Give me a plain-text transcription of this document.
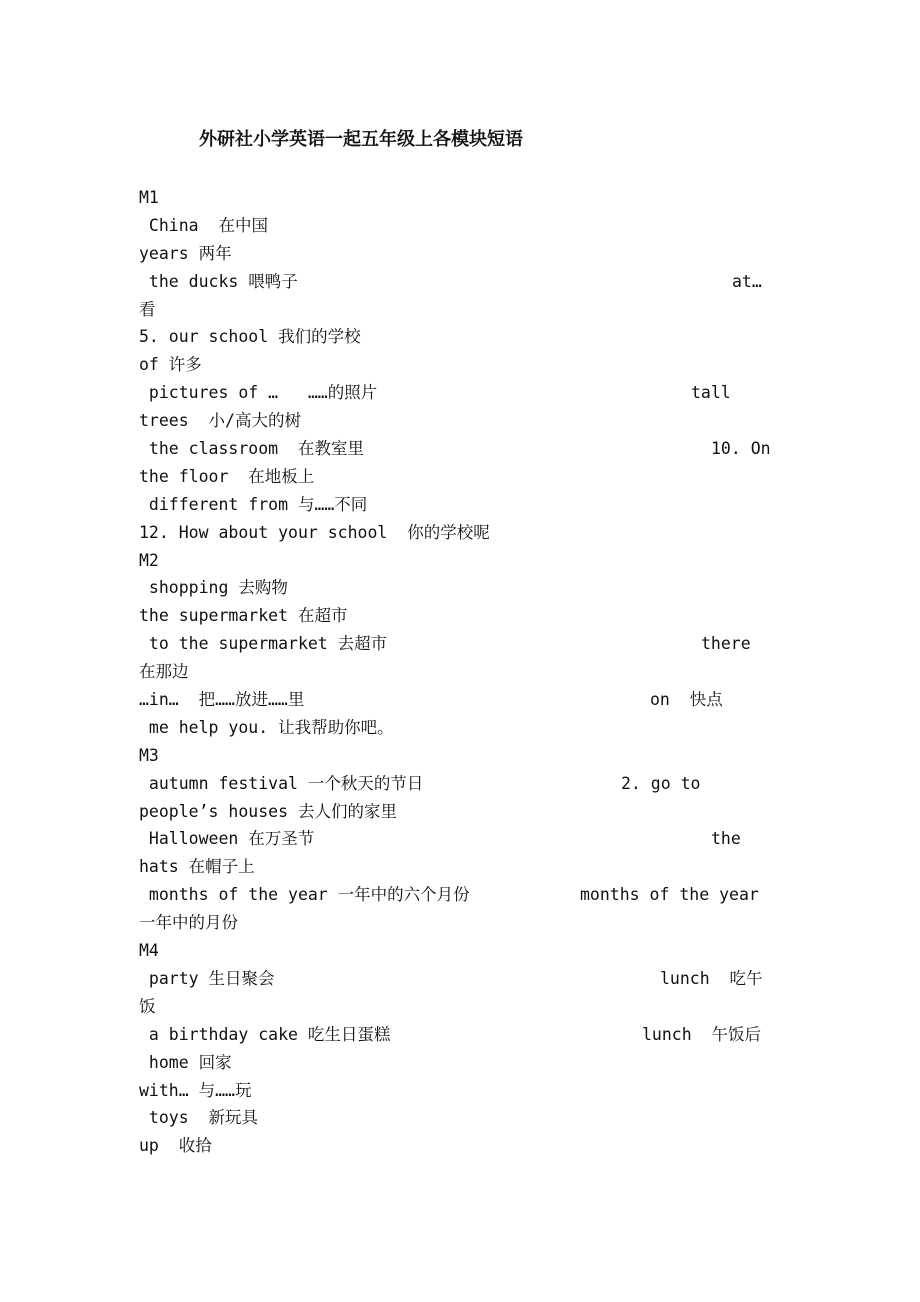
外研社小学英语一起五年级上各模块短语
M1
China  在中国
years 两年
the ducks 喂鸭子	at…
看
5. our school 我们的学校
of 许多
pictures of …   ……的照片	tall
trees  小/高大的树
the classroom  在教室里	10. On
the floor  在地板上
different from 与……不同
12. How about your school  你的学校呢
M2
shopping 去购物
the supermarket 在超市
to the supermarket 去超市	there
在那边
…in…  把……放进……里	on  快点
me help you. 让我帮助你吧。
M3
autumn festival 一个秋天的节日	2. go to
people’s houses 去人们的家里
Halloween 在万圣节	the
hats 在帽子上
months of the year 一年中的六个月份	months of the year
一年中的月份
M4
party 生日聚会	lunch  吃午
饭
a birthday cake 吃生日蛋糕	lunch  午饭后
home 回家
with… 与……玩
toys  新玩具
up  收拾
